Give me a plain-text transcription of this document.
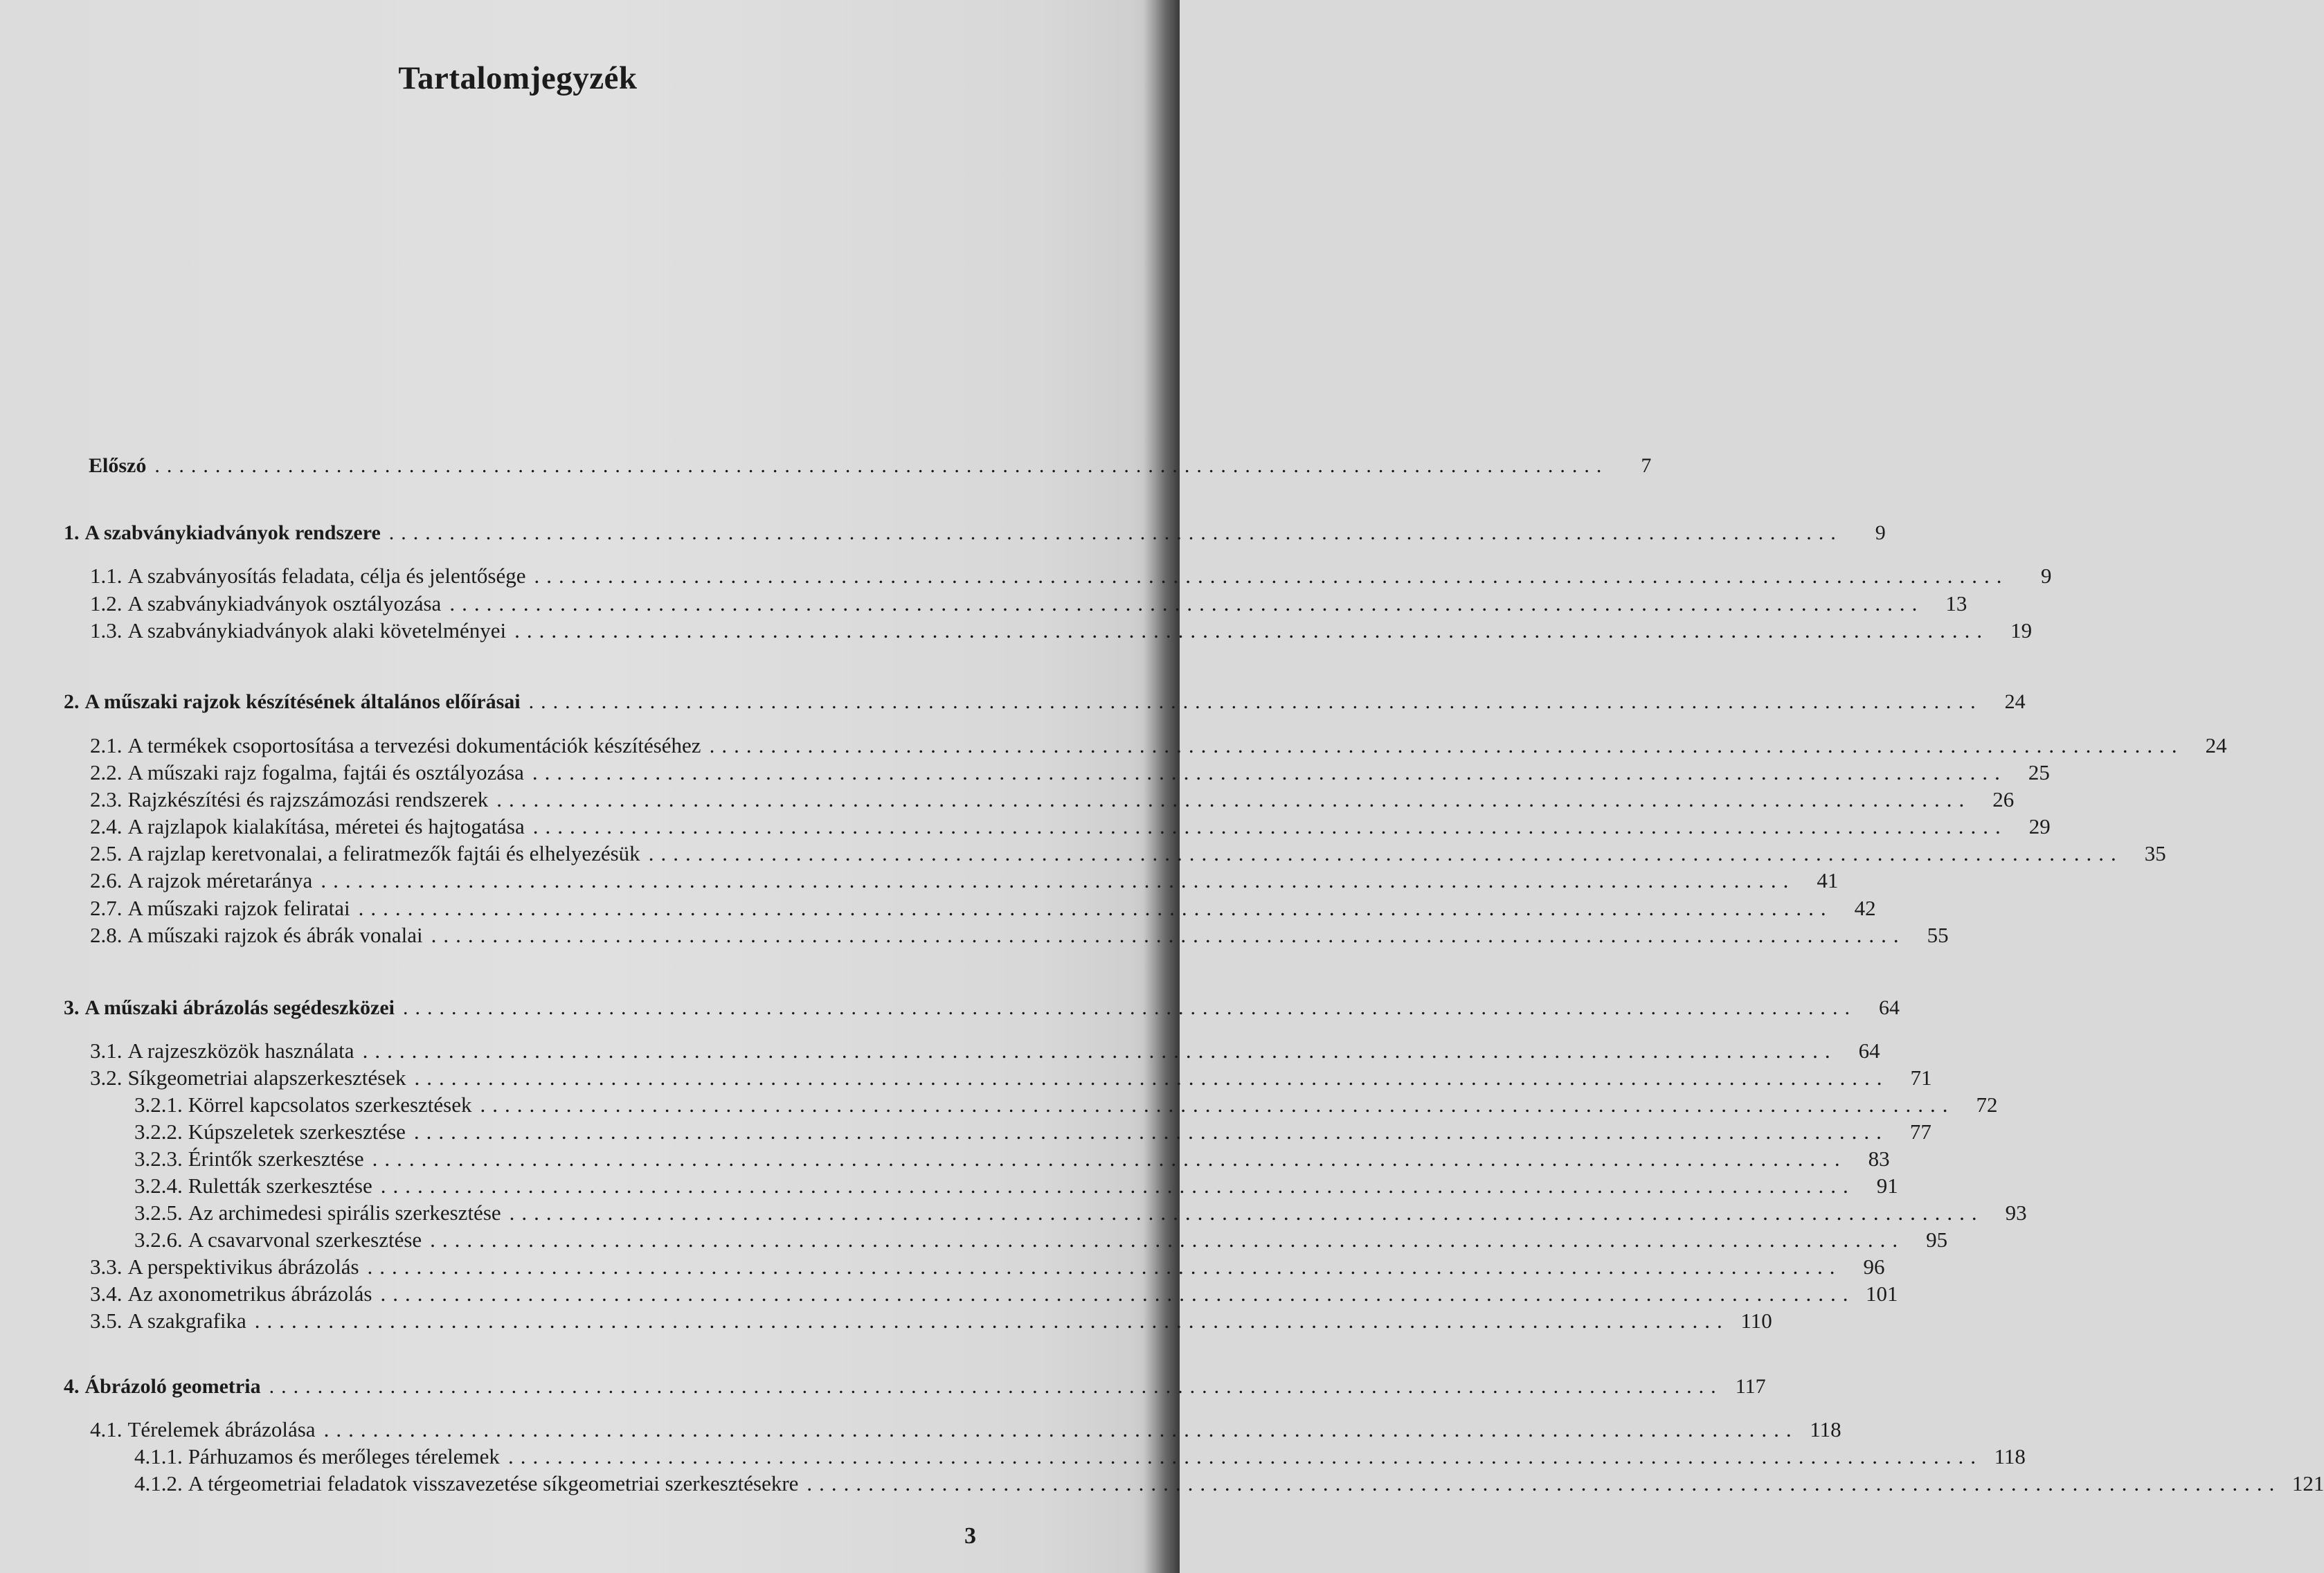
Tartalomjegyzék
Előszó ........................................................................................................................	7
1. A szabványkiadványok rendszere ........................................................................................................................	9
1.1. A szabványosítás feladata, célja és jelentősége ........................................................................................................................	9
1.2. A szabványkiadványok osztályozása ........................................................................................................................	13
1.3. A szabványkiadványok alaki követelményei ........................................................................................................................	19
2. A műszaki rajzok készítésének általános előírásai ........................................................................................................................	24
2.1. A termékek csoportosítása a tervezési dokumentációk készítéséhez ........................................................................................................................	24
2.2. A műszaki rajz fogalma, fajtái és osztályozása ........................................................................................................................	25
2.3. Rajzkészítési és rajzszámozási rendszerek ........................................................................................................................	26
2.4. A rajzlapok kialakítása, méretei és hajtogatása ........................................................................................................................	29
2.5. A rajzlap keretvonalai, a feliratmezők fajtái és elhelyezésük ........................................................................................................................	35
2.6. A rajzok méretaránya ........................................................................................................................	41
2.7. A műszaki rajzok feliratai ........................................................................................................................	42
2.8. A műszaki rajzok és ábrák vonalai ........................................................................................................................	55
3. A műszaki ábrázolás segédeszközei ........................................................................................................................	64
3.1. A rajzeszközök használata ........................................................................................................................	64
3.2. Síkgeometriai alapszerkesztések ........................................................................................................................	71
3.2.1. Körrel kapcsolatos szerkesztések ........................................................................................................................	72
3.2.2. Kúpszeletek szerkesztése ........................................................................................................................	77
3.2.3. Érintők szerkesztése ........................................................................................................................	83
3.2.4. Ruletták szerkesztése ........................................................................................................................	91
3.2.5. Az archimedesi spirális szerkesztése ........................................................................................................................	93
3.2.6. A csavarvonal szerkesztése ........................................................................................................................	95
3.3. A perspektivikus ábrázolás ........................................................................................................................	96
3.4. Az axonometrikus ábrázolás ........................................................................................................................ 101
3.5. A szakgrafika ........................................................................................................................ 110
4. Ábrázoló geometria ........................................................................................................................ 117
4.1. Térelemek ábrázolása ........................................................................................................................ 118
4.1.1. Párhuzamos és merőleges térelemek ........................................................................................................................ 118
4.1.2. A térgeometriai feladatok visszavezetése síkgeometriai szerkesztésekre ........................................................................................................................ 121
3
